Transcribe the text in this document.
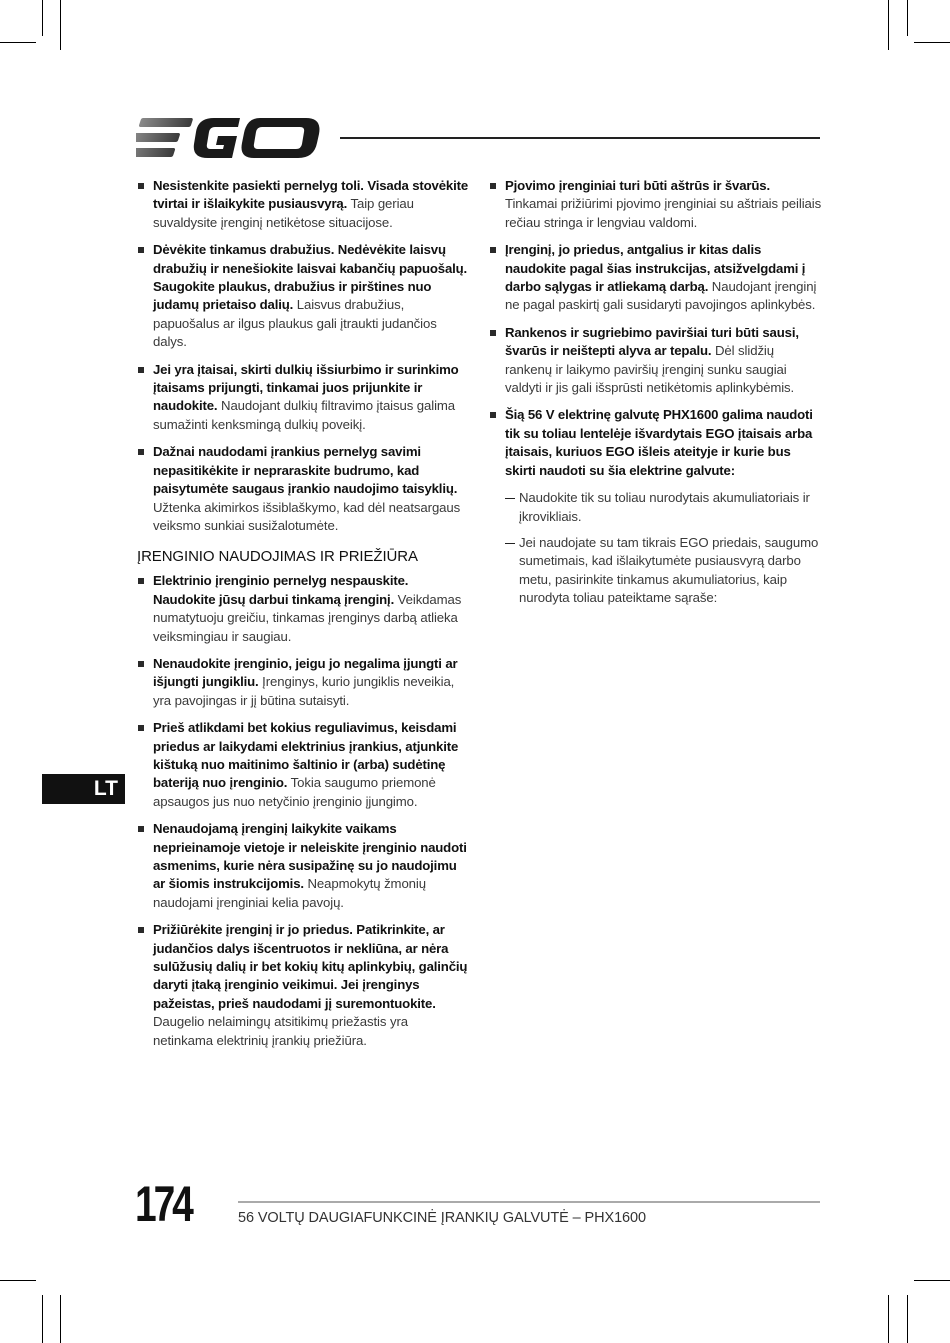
Nesistenkite pasiekti pernelyg toli. Visada stovėkite tvirtai ir išlaikykite pusiausvyrą. Taip geriau suvaldysite įrenginį netikėtose situacijose.
Dėvėkite tinkamus drabužius. Nedėvėkite laisvų drabužių ir nenešiokite laisvai kabančių papuošalų. Saugokite plaukus, drabužius ir pirštines nuo judamų prietaiso dalių. Laisvus drabužius, papuošalus ar ilgus plaukus gali įtraukti judančios dalys.
Jei yra įtaisai, skirti dulkių išsiurbimo ir surinkimo įtaisams prijungti, tinkamai juos prijunkite ir naudokite. Naudojant dulkių filtravimo įtaisus galima sumažinti kenksmingą dulkių poveikį.
Dažnai naudodami įrankius pernelyg savimi nepasitikėkite ir nepraraskite budrumo, kad paisytumėte saugaus įrankio naudojimo taisyklių. Užtenka akimirkos išsiblaškymo, kad dėl neatsargaus veiksmo sunkiai susižalotumėte.
ĮRENGINIO NAUDOJIMAS IR PRIEŽIŪRA
Elektrinio įrenginio pernelyg nespauskite. Naudokite jūsų darbui tinkamą įrenginį. Veikdamas numatytuoju greičiu, tinkamas įrenginys darbą atlieka veiksmingiau ir saugiau.
Nenaudokite įrenginio, jeigu jo negalima įjungti ar išjungti jungikliu. Įrenginys, kurio jungiklis neveikia, yra pavojingas ir jį būtina sutaisyti.
Prieš atlikdami bet kokius reguliavimus, keisdami priedus ar laikydami elektrinius įrankius, atjunkite kištuką nuo maitinimo šaltinio ir (arba) sudėtinę bateriją nuo įrenginio. Tokia saugumo priemonė apsaugos jus nuo netyčinio įrenginio įjungimo.
Nenaudojamą įrenginį laikykite vaikams neprieinamoje vietoje ir neleiskite įrenginio naudoti asmenims, kurie nėra susipažinę su jo naudojimu ar šiomis instrukcijomis. Neapmokytų žmonių naudojami įrenginiai kelia pavojų.
Prižiūrėkite įrenginį ir jo priedus. Patikrinkite, ar judančios dalys išcentruotos ir nekliūna, ar nėra sulūžusių dalių ir bet kokių kitų aplinkybių, galinčių daryti įtaką įrenginio veikimui. Jei įrenginys pažeistas, prieš naudodami jį suremontuokite. Daugelio nelaimingų atsitikimų priežastis yra netinkama elektrinių įrankių priežiūra.
Pjovimo įrenginiai turi būti aštrūs ir švarūs. Tinkamai prižiūrimi pjovimo įrenginiai su aštriais peiliais rečiau stringa ir lengviau valdomi.
Įrenginį, jo priedus, antgalius ir kitas dalis naudokite pagal šias instrukcijas, atsižvelgdami į darbo sąlygas ir atliekamą darbą. Naudojant įrenginį ne pagal paskirtį gali susidaryti pavojingos aplinkybės.
Rankenos ir sugriebimo paviršiai turi būti sausi, švarūs ir neištepti alyva ar tepalu. Dėl slidžių rankenų ir laikymo paviršių įrenginį sunku saugiai valdyti ir jis gali išsprūsti netikėtomis aplinkybėmis.
Šią 56 V elektrinę galvutę PHX1600 galima naudoti tik su toliau lentelėje išvardytais EGO įtaisais arba įtaisais, kuriuos EGO išleis ateityje ir kurie bus skirti naudoti su šia elektrine galvute:
Naudokite tik su toliau nurodytais akumuliatoriais ir įkrovikliais.
Jei naudojate su tam tikrais EGO priedais, saugumo sumetimais, kad išlaikytumėte pusiausvyrą darbo metu, pasirinkite tinkamus akumuliatorius, kaip nurodyta toliau pateiktame sąraše:
LT
174	56 VOLTŲ DAUGIAFUNKCINĖ ĮRANKIŲ GALVUTĖ – PHX1600
